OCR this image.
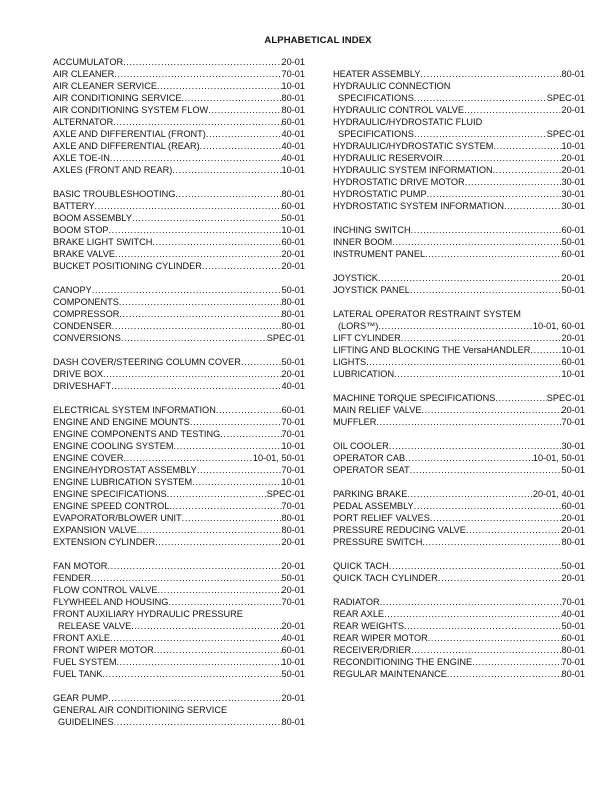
ALPHABETICAL INDEX
ACCUMULATOR .....	20-01
AIR CLEANER .....	70-01
AIR CLEANER SERVICE .....	10-01
AIR CONDITIONING SERVICE .....	80-01
AIR CONDITIONING SYSTEM FLOW .....	80-01
ALTERNATOR .....	60-01
AXLE AND DIFFERENTIAL (FRONT) .....	40-01
AXLE AND DIFFERENTIAL (REAR) .....	40-01
AXLE TOE-IN .....	40-01
AXLES (FRONT AND REAR) .....	10-01
BASIC TROUBLESHOOTING .....	80-01
BATTERY .....	60-01
BOOM ASSEMBLY .....	50-01
BOOM STOP .....	10-01
BRAKE LIGHT SWITCH .....	60-01
BRAKE VALVE .....	20-01
BUCKET POSITIONING CYLINDER .....	20-01
CANOPY .....	50-01
COMPONENTS .....	80-01
COMPRESSOR .....	80-01
CONDENSER .....	80-01
CONVERSIONS .....	SPEC-01
DASH COVER/STEERING COLUMN COVER .....	50-01
DRIVE BOX .....	20-01
DRIVESHAFT .....	40-01
ELECTRICAL SYSTEM INFORMATION .....	60-01
ENGINE AND ENGINE MOUNTS .....	70-01
ENGINE COMPONENTS AND TESTING .....	70-01
ENGINE COOLING SYSTEM .....	10-01
ENGINE COVER .....	10-01, 50-01
ENGINE/HYDROSTAT ASSEMBLY .....	70-01
ENGINE LUBRICATION SYSTEM .....	10-01
ENGINE SPECIFICATIONS .....	SPEC-01
ENGINE SPEED CONTROL .....	70-01
EVAPORATOR/BLOWER UNIT .....	80-01
EXPANSION VALVE .....	80-01
EXTENSION CYLINDER .....	20-01
FAN MOTOR .....	20-01
FENDER .....	50-01
FLOW CONTROL VALVE .....	20-01
FLYWHEEL AND HOUSING .....	70-01
FRONT AUXILIARY HYDRAULIC PRESSURE
RELEASE VALVE .....	20-01
FRONT AXLE .....	40-01
FRONT WIPER MOTOR .....	60-01
FUEL SYSTEM .....	10-01
FUEL TANK .....	50-01
GEAR PUMP .....	20-01
GENERAL AIR CONDITIONING SERVICE
GUIDELINES .....	80-01
HEATER ASSEMBLY .....	80-01
HYDRAULIC CONNECTION
SPECIFICATIONS .....	SPEC-01
HYDRAULIC CONTROL VALVE .....	20-01
HYDRAULIC/HYDROSTATIC FLUID
SPECIFICATIONS .....	SPEC-01
HYDRAULIC/HYDROSTATIC SYSTEM .....	10-01
HYDRAULIC RESERVOIR .....	20-01
HYDRAULIC SYSTEM INFORMATION .....	20-01
HYDROSTATIC DRIVE MOTOR .....	30-01
HYDROSTATIC PUMP .....	30-01
HYDROSTATIC SYSTEM INFORMATION .....	30-01
INCHING SWITCH .....	60-01
INNER BOOM .....	50-01
INSTRUMENT PANEL .....	60-01
JOYSTICK .....	20-01
JOYSTICK PANEL .....	50-01
LATERAL OPERATOR RESTRAINT SYSTEM
(LORS™) .....	10-01, 60-01
LIFT CYLINDER .....	20-01
LIFTING AND BLOCKING THE VersaHANDLER .....	10-01
LIGHTS .....	60-01
LUBRICATION .....	10-01
MACHINE TORQUE SPECIFICATIONS .....	SPEC-01
MAIN RELIEF VALVE .....	20-01
MUFFLER .....	70-01
OIL COOLER .....	30-01
OPERATOR CAB .....	10-01, 50-01
OPERATOR SEAT .....	50-01
PARKING BRAKE .....	20-01, 40-01
PEDAL ASSEMBLY .....	60-01
PORT RELIEF VALVES .....	20-01
PRESSURE REDUCING VALVE .....	20-01
PRESSURE SWITCH .....	80-01
QUICK TACH .....	50-01
QUICK TACH CYLINDER .....	20-01
RADIATOR .....	70-01
REAR AXLE .....	40-01
REAR WEIGHTS .....	50-01
REAR WIPER MOTOR .....	60-01
RECEIVER/DRIER .....	80-01
RECONDITIONING THE ENGINE .....	70-01
REGULAR MAINTENANCE .....	80-01
